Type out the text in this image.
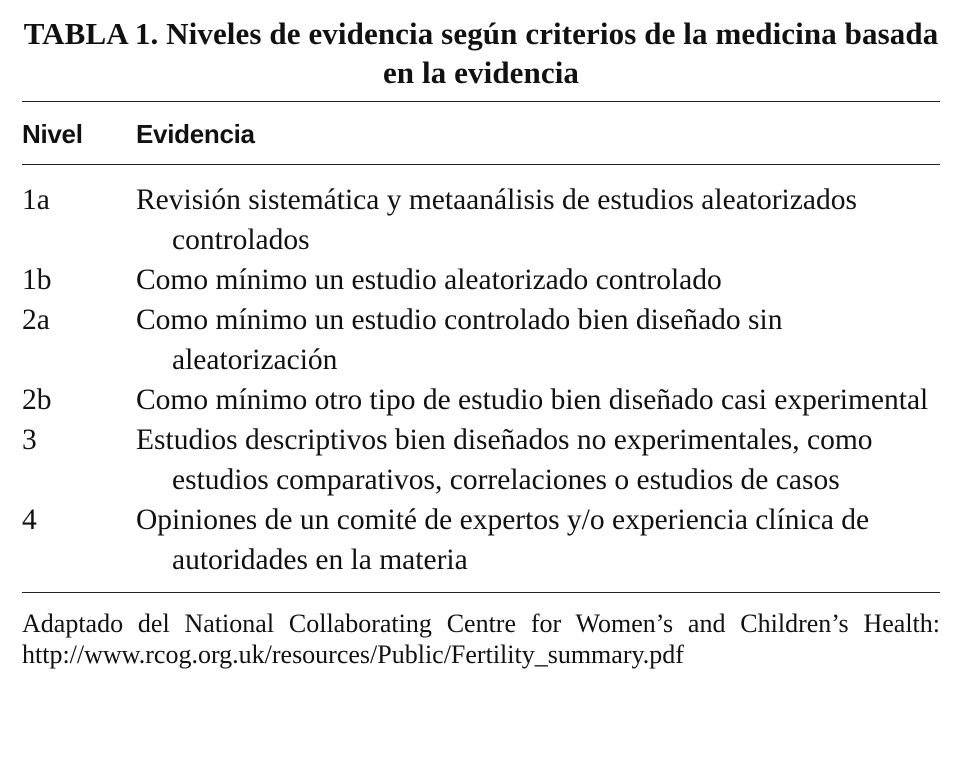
TABLA 1. Niveles de evidencia según criterios de la medicina basada en la evidencia
Nivel Evidencia
1a	Revisión sistemática y metaanálisis de estudios aleatorizados controlados
1b	Como mínimo un estudio aleatorizado controlado
2a	Como mínimo un estudio controlado bien diseñado sin aleatorización
2b	Como mínimo otro tipo de estudio bien diseñado casi experimental
3	Estudios descriptivos bien diseñados no experimentales, como estudios comparativos, correlaciones o estudios de casos
4	Opiniones de un comité de expertos y/o experiencia clínica de autoridades en la materia
Adaptado del National Collaborating Centre for Women’s and Children’s Health: http://www.rcog.org.uk/resources/Public/Fertility_summary.pdf
